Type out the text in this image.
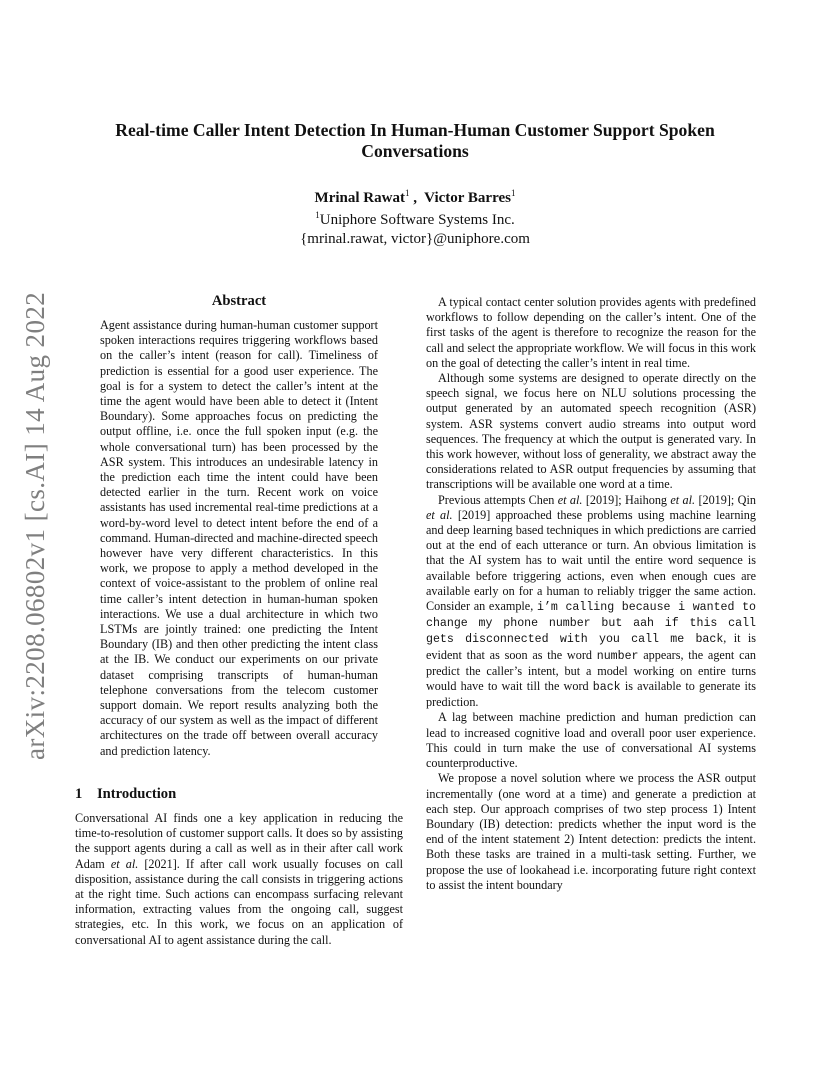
arXiv:2208.06802v1 [cs.AI] 14 Aug 2022
Real-time Caller Intent Detection In Human-Human Customer Support Spoken Conversations
Mrinal Rawat$^1$ ,  Victor Barres$^1$
$^1$Uniphore Software Systems Inc.
{mrinal.rawat, victor}@uniphore.com
Abstract

Agent assistance during human-human customer support spoken interactions requires triggering workflows based on the caller’s intent (reason for call). Timeliness of prediction is essential for a good user experience. The goal is for a system to detect the caller’s intent at the time the agent would have been able to detect it (Intent Boundary). Some approaches focus on predicting the output offline, i.e. once the full spoken input (e.g. the whole conversational turn) has been processed by the ASR system. This introduces an undesirable latency in the prediction each time the intent could have been detected earlier in the turn. Recent work on voice assistants has used incremental real-time predictions at a word-by-word level to detect intent before the end of a command. Human-directed and machine-directed speech however have very different characteristics. In this work, we propose to apply a method developed in the context of voice-assistant to the problem of online real time caller’s intent detection in human-human spoken interactions. We use a dual architecture in which two LSTMs are jointly trained: one predicting the Intent Boundary (IB) and then other predicting the intent class at the IB. We conduct our experiments on our private dataset comprising transcripts of human-human telephone conversations from the telecom customer support domain. We report results analyzing both the accuracy of our system as well as the impact of different architectures on the trade off between overall accuracy and prediction latency.

1 Introduction

Conversational AI finds one a key application in reducing the time-to-resolution of customer support calls. It does so by assisting the support agents during a call as well as in their after call work Adam et al. [2021]. If after call work usually focuses on call disposition, assistance during the call consists in triggering actions at the right time. Such actions can encompass surfacing relevant information, extracting values from the ongoing call, suggest strategies, etc. In this work, we focus on an application of conversational AI to agent assistance during the call.

A typical contact center solution provides agents with predefined workflows to follow depending on the caller’s intent. One of the first tasks of the agent is therefore to recognize the reason for the call and select the appropriate workflow. We will focus in this work on the goal of detecting the caller’s intent in real time.

Although some systems are designed to operate directly on the speech signal, we focus here on NLU solutions processing the output generated by an automated speech recognition (ASR) system. ASR systems convert audio streams into output word sequences. The frequency at which the output is generated vary. In this work however, without loss of generality, we abstract away the considerations related to ASR output frequencies by assuming that transcriptions will be available one word at a time.

Previous attempts Chen et al. [2019]; Haihong et al. [2019]; Qin et al. [2019] approached these problems using machine learning and deep learning based techniques in which predictions are carried out at the end of each utterance or turn. An obvious limitation is that the AI system has to wait until the entire word sequence is available before triggering actions, even when enough cues are available early on for a human to reliably trigger the same action. Consider an example, i’m calling because i wanted to change my phone number but aah if this call gets disconnected with you call me back, it is evident that as soon as the word number appears, the agent can predict the caller’s intent, but a model working on entire turns would have to wait till the word back is available to generate its prediction.

A lag between machine prediction and human prediction can lead to increased cognitive load and overall poor user experience. This could in turn make the use of conversational AI systems counterproductive.

We propose a novel solution where we process the ASR output incrementally (one word at a time) and generate a prediction at each step. Our approach comprises of two step process 1) Intent Boundary (IB) detection: predicts whether the input word is the end of the intent statement 2) Intent detection: predicts the intent. Both these tasks are trained in a multi-task setting. Further, we propose the use of lookahead i.e. incorporating future right context to assist the intent boundary
